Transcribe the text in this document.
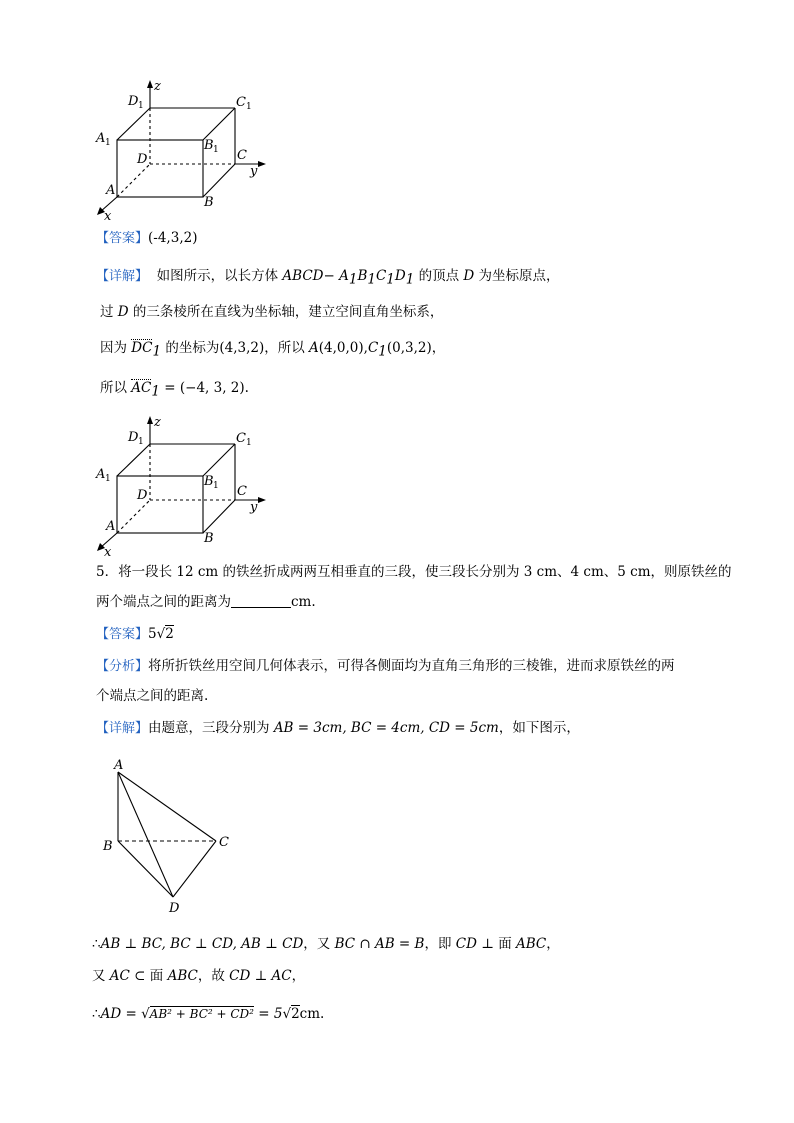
z
y
x
D 1	C 1
A 1	B 1
D	C
A
B
【答案】(-4,3,2)
【详解】 如图所示，以长方体 ABCD− $A_1B_1C_1D_1$ 的顶点 D 为坐标原点，
过 D 的三条棱所在直线为坐标轴，建立空间直角坐标系，
因为 $DC_1$ 的坐标为(4,3,2)，所以 $A(4,0,0),C_1(0,3,2)$，
所以 $AC_1 = (-4$, 3, 2).
z
y
x
D 1	C 1
A 1	B 1
D	C
A
B
5．将一段长 12 cm 的铁丝折成两两互相垂直的三段，使三段长分别为 3 cm、4 cm、5 cm，则原铁丝的
两个端点之间的距离为	cm.
【答案】5√2
【分析】将所折铁丝用空间几何体表示，可得各侧面均为直角三角形的三棱锥，进而求原铁丝的两
个端点之间的距离.
【详解】由题意，三段分别为 AB = 3cm, BC = 4cm, CD = 5cm，如下图示，
A
B	C
D
∴AB ⊥ BC, BC ⊥ CD, AB ⊥ CD，又 BC ∩ AB = B，即 CD ⊥ 面 ABC，
又 AC ⊂ 面 ABC，故 CD ⊥ AC，
∴AD = √AB² + BC² + CD² = 5√2cm.
